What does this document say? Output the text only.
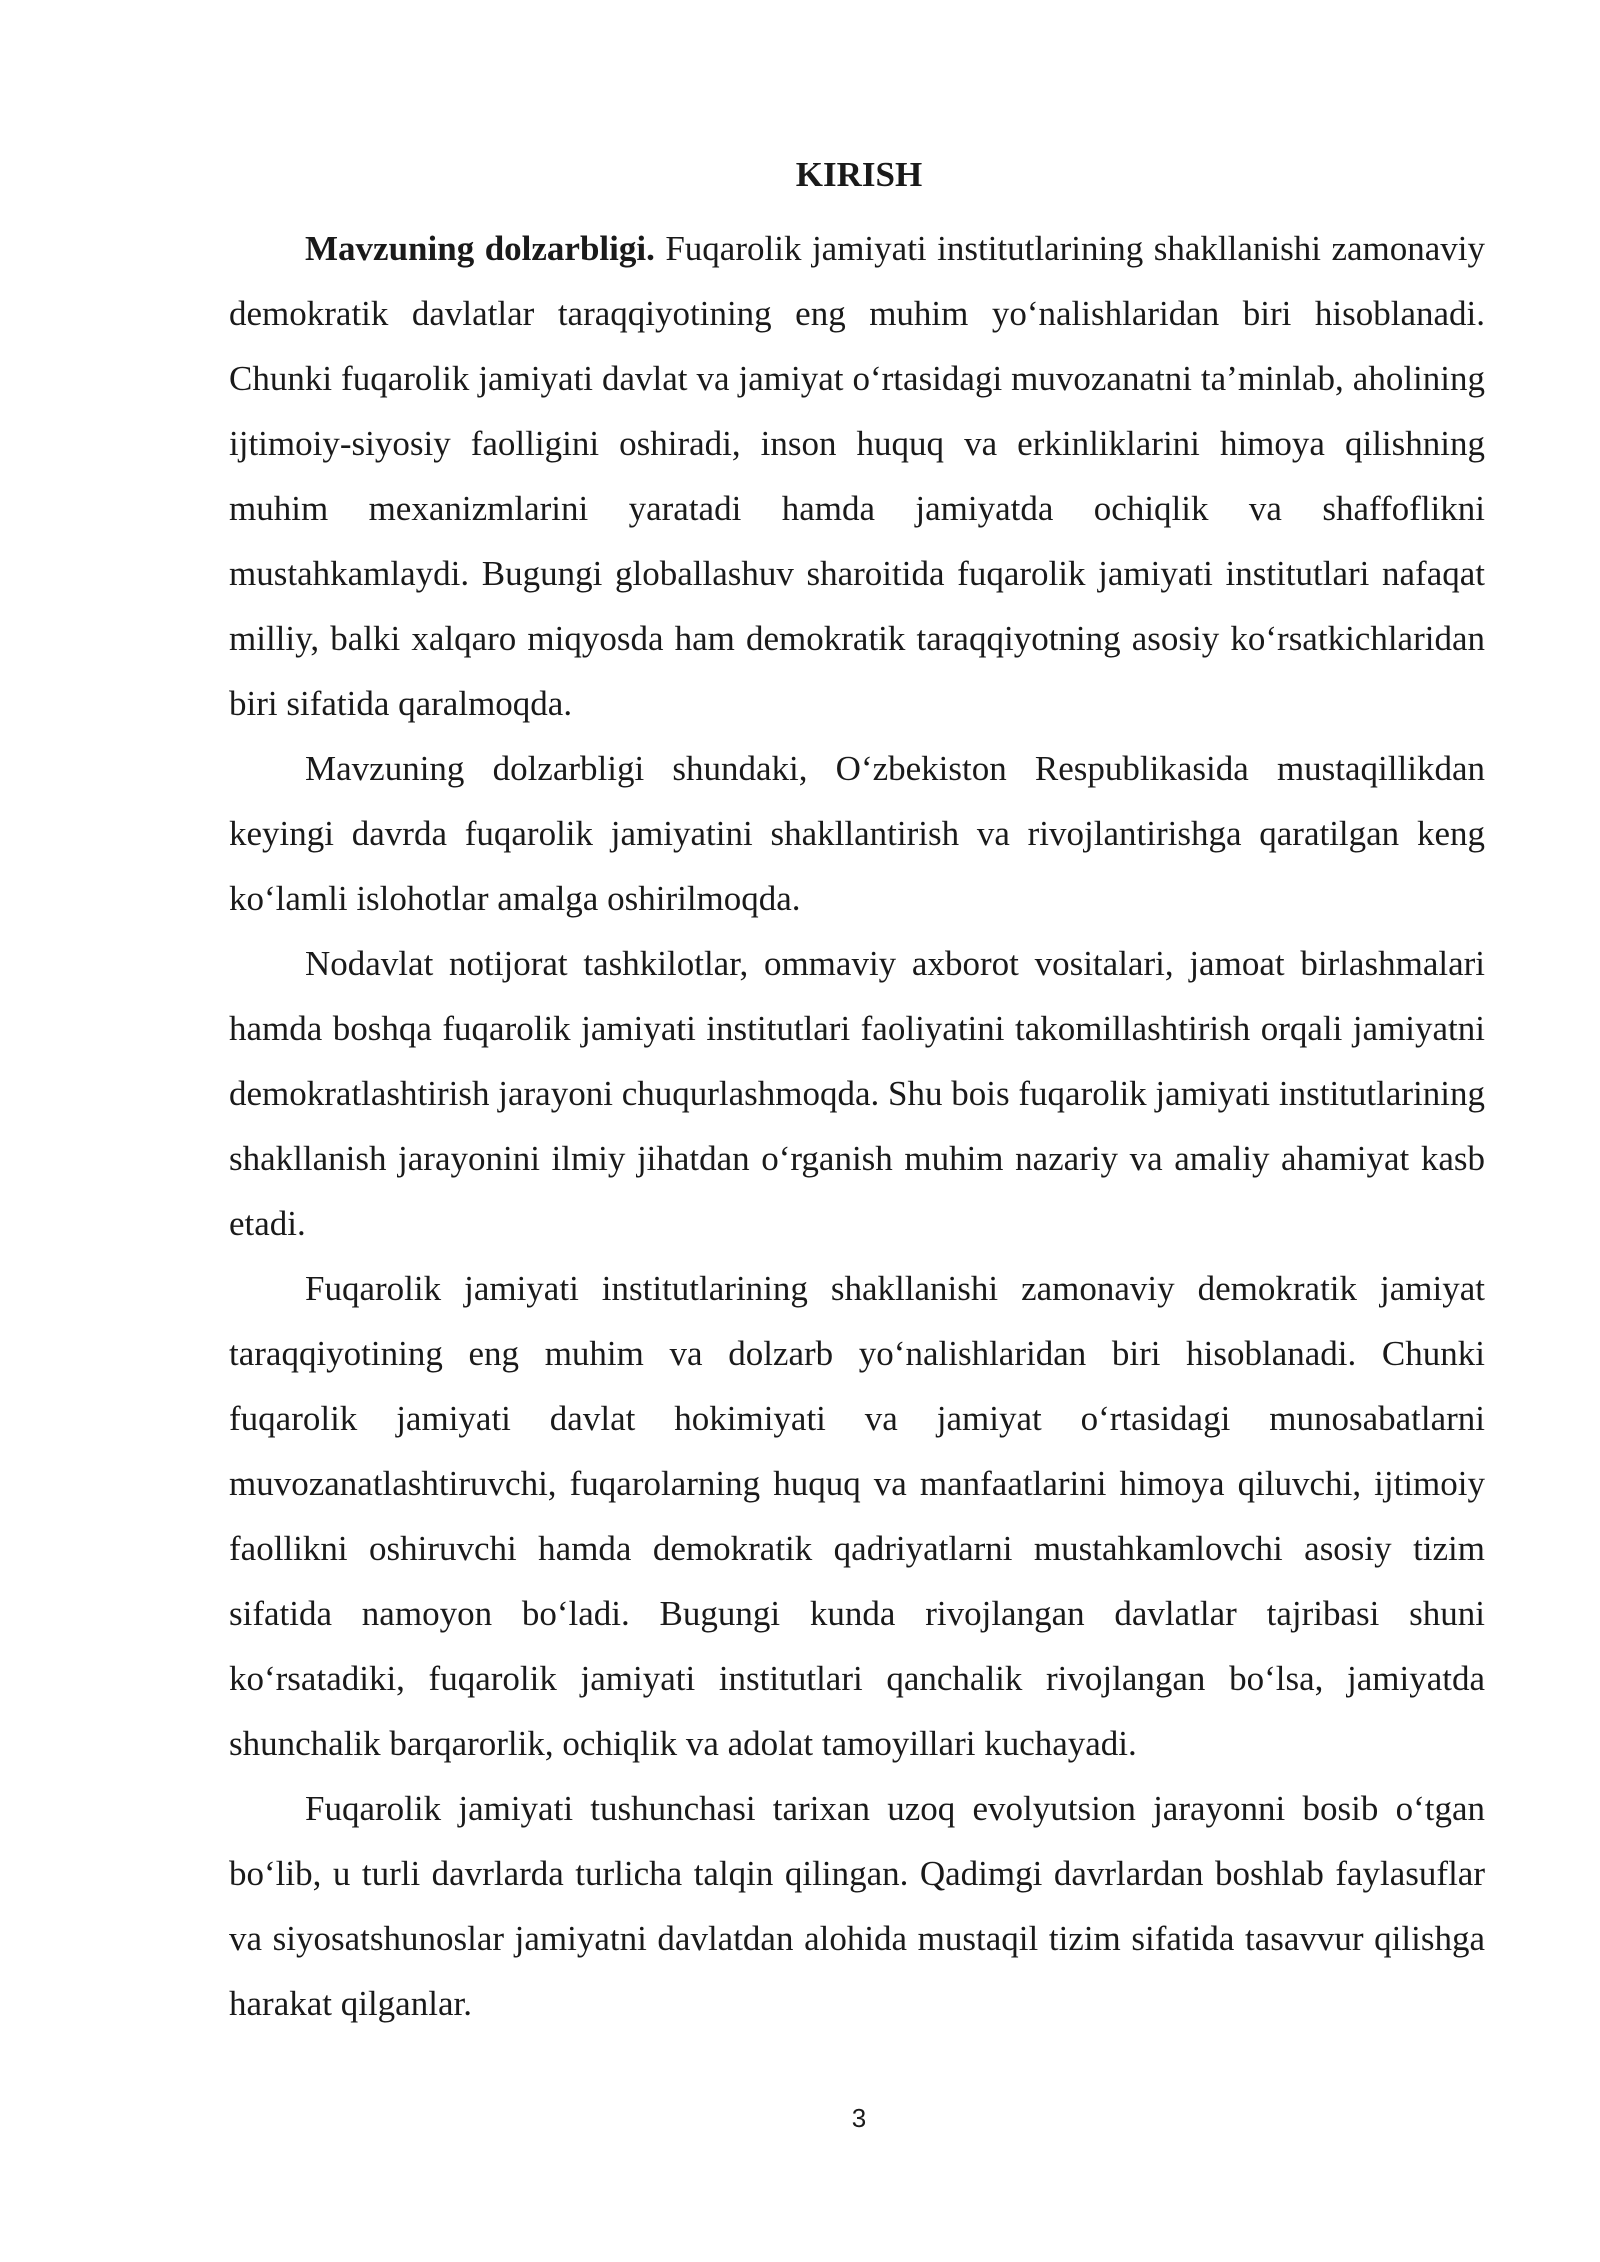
KIRISH

Mavzuning dolzarbligi. Fuqarolik jamiyati institutlarining shakllanishi zamonaviy demokratik davlatlar taraqqiyotining eng muhim yo‘nalishlaridan biri hisoblanadi. Chunki fuqarolik jamiyati davlat va jamiyat o‘rtasidagi muvozanatni ta’minlab, aholining ijtimoiy-siyosiy faolligini oshiradi, inson huquq va erkinliklarini himoya qilishning muhim mexanizmlarini yaratadi hamda jamiyatda ochiqlik va shaffoflikni mustahkamlaydi. Bugungi globallashuv sharoitida fuqarolik jamiyati institutlari nafaqat milliy, balki xalqaro miqyosda ham demokratik taraqqiyotning asosiy ko‘rsatkichlaridan biri sifatida qaralmoqda.

Mavzuning dolzarbligi shundaki, O‘zbekiston Respublikasida mustaqillikdan keyingi davrda fuqarolik jamiyatini shakllantirish va rivojlantirishga qaratilgan keng ko‘lamli islohotlar amalga oshirilmoqda.

Nodavlat notijorat tashkilotlar, ommaviy axborot vositalari, jamoat birlashmalari hamda boshqa fuqarolik jamiyati institutlari faoliyatini takomillashtirish orqali jamiyatni demokratlashtirish jarayoni chuqurlashmoqda. Shu bois fuqarolik jamiyati institutlarining shakllanish jarayonini ilmiy jihatdan o‘rganish muhim nazariy va amaliy ahamiyat kasb etadi.

Fuqarolik jamiyati institutlarining shakllanishi zamonaviy demokratik jamiyat taraqqiyotining eng muhim va dolzarb yo‘nalishlaridan biri hisoblanadi. Chunki fuqarolik jamiyati davlat hokimiyati va jamiyat o‘rtasidagi munosabatlarni muvozanatlashtiruvchi, fuqarolarning huquq va manfaatlarini himoya qiluvchi, ijtimoiy faollikni oshiruvchi hamda demokratik qadriyatlarni mustahkamlovchi asosiy tizim sifatida namoyon bo‘ladi. Bugungi kunda rivojlangan davlatlar tajribasi shuni ko‘rsatadiki, fuqarolik jamiyati institutlari qanchalik rivojlangan bo‘lsa, jamiyatda shunchalik barqarorlik, ochiqlik va adolat tamoyillari kuchayadi.

Fuqarolik jamiyati tushunchasi tarixan uzoq evolyutsion jarayonni bosib o‘tgan bo‘lib, u turli davrlarda turlicha talqin qilingan. Qadimgi davrlardan boshlab faylasuflar va siyosatshunoslar jamiyatni davlatdan alohida mustaqil tizim sifatida tasavvur qilishga harakat qilganlar.

3
